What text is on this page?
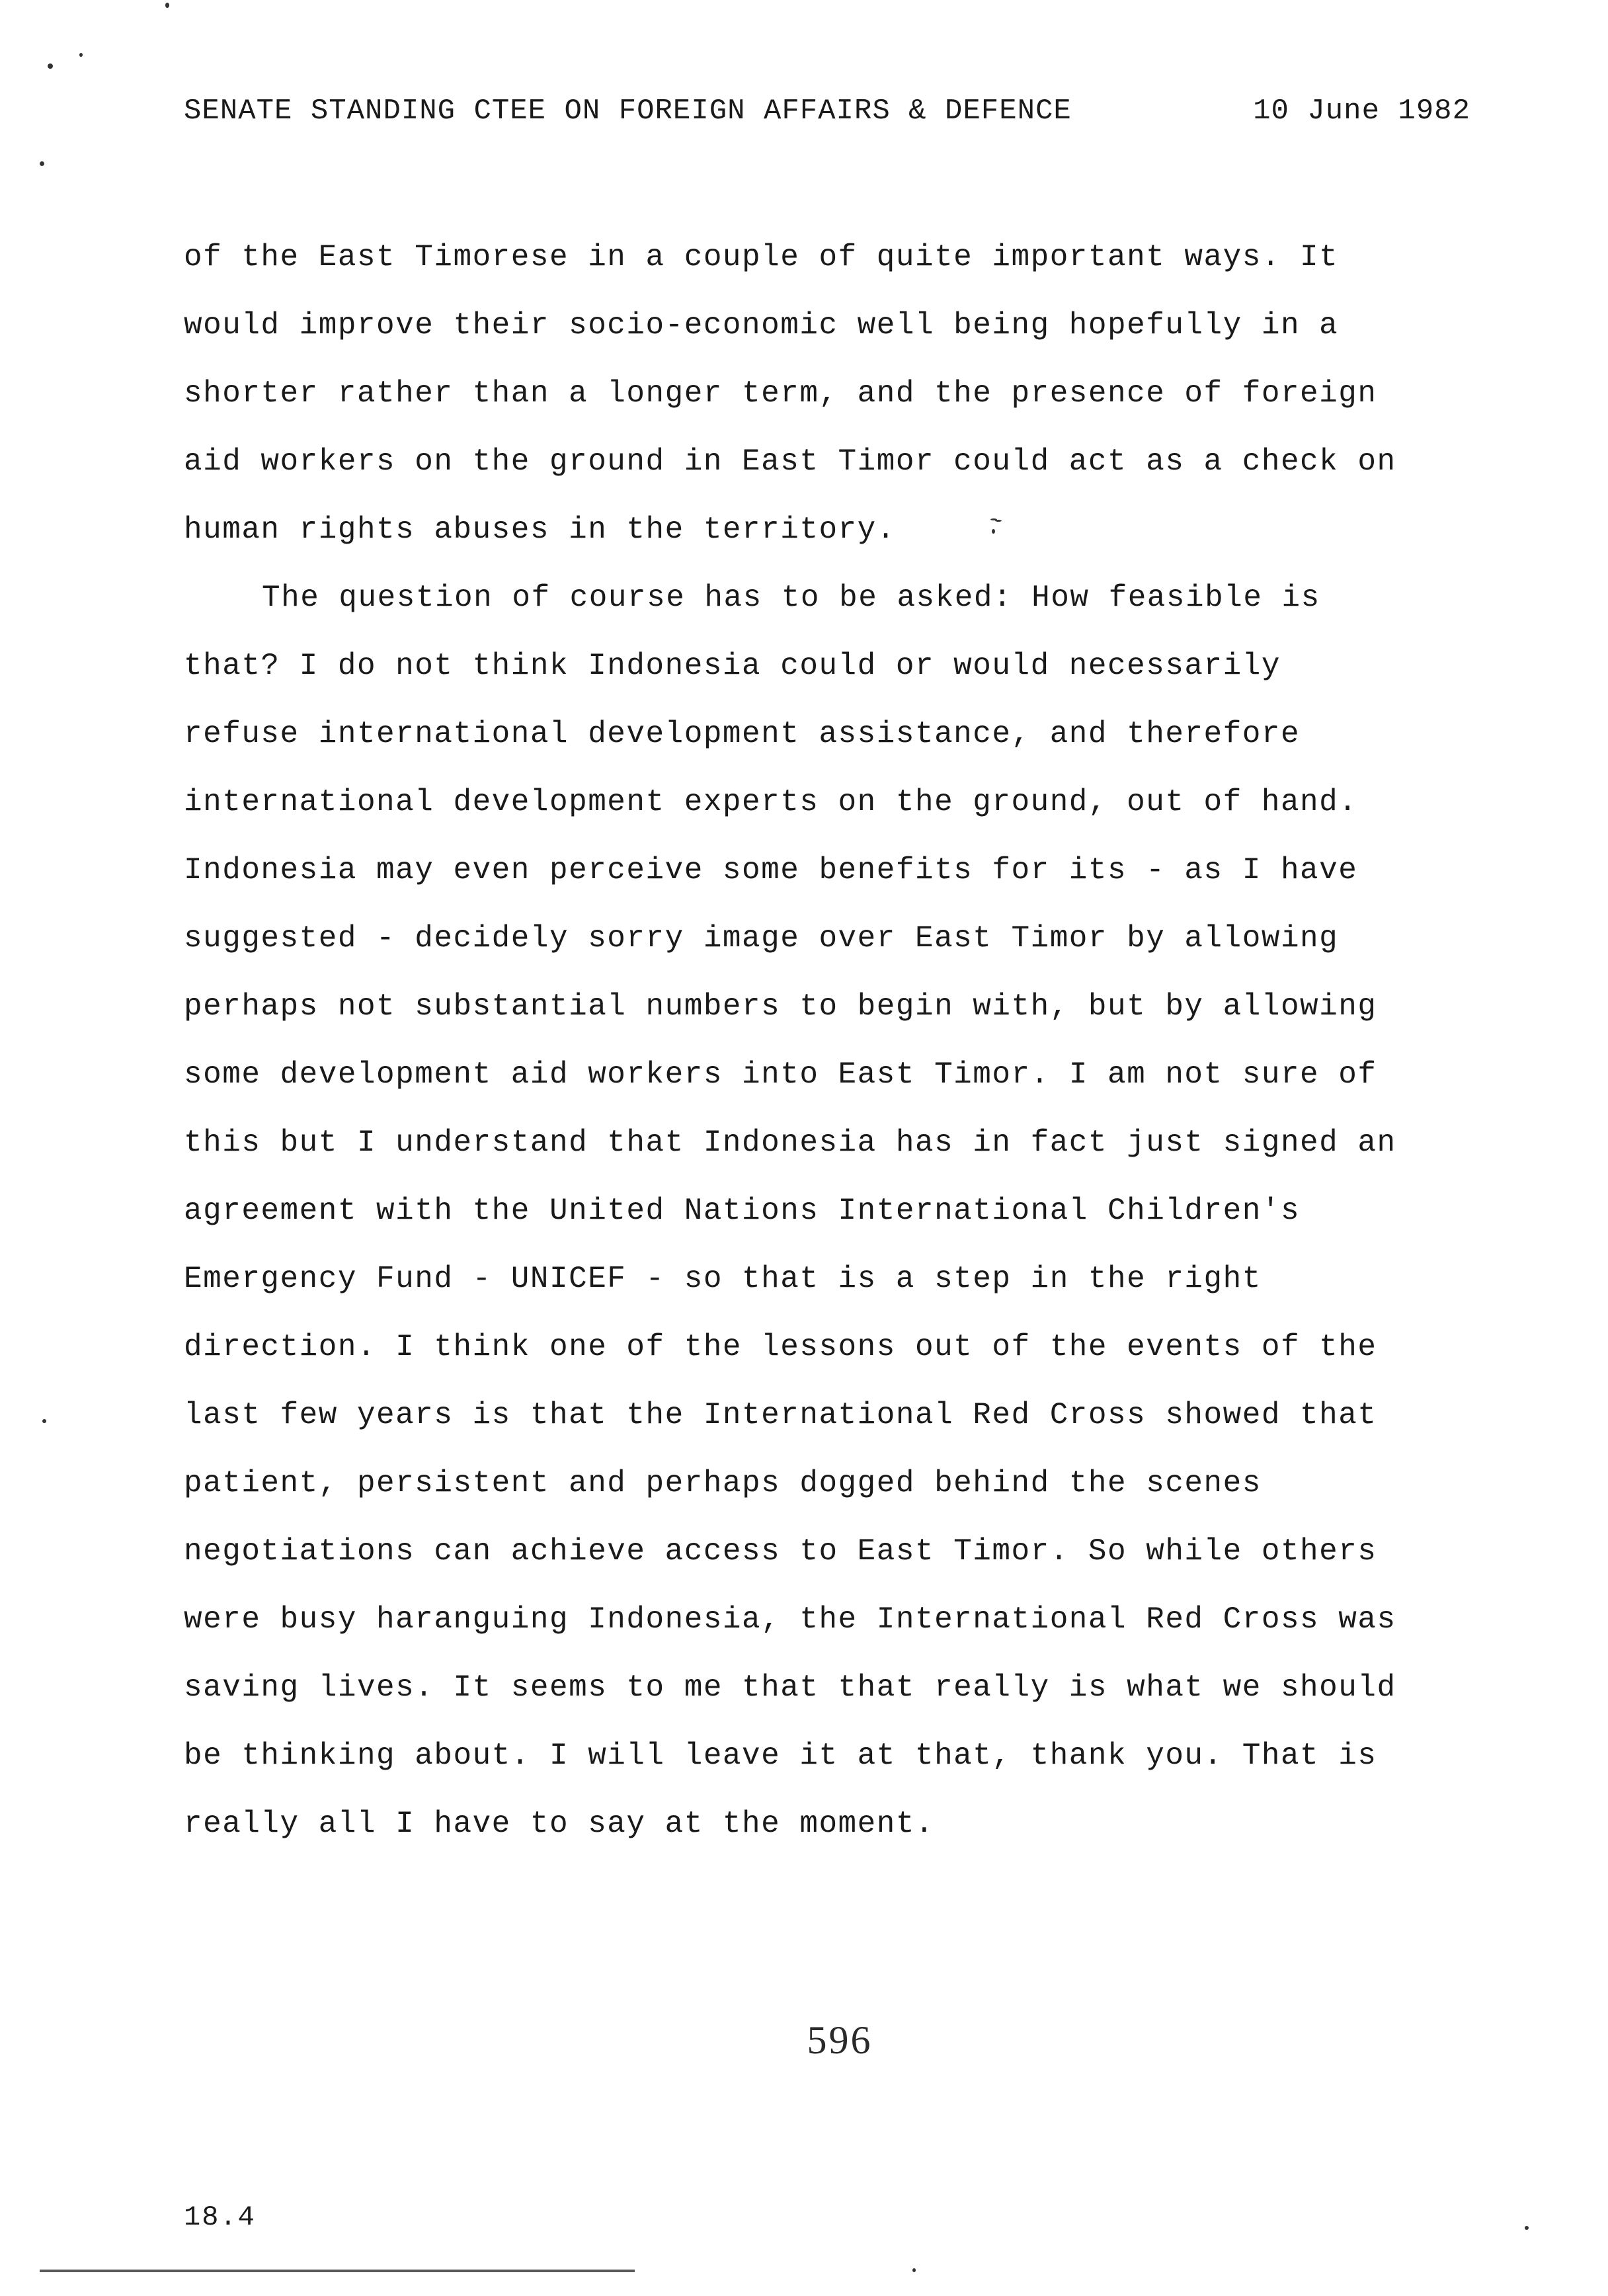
SENATE STANDING CTEE ON FOREIGN AFFAIRS & DEFENCE	10 June 1982
of the East Timorese in a couple of quite important ways. It
would improve their socio-economic well being hopefully in a
shorter rather than a longer term, and the presence of foreign
aid workers on the ground in East Timor could act as a check on
human rights abuses in the territory.
The question of course has to be asked: How feasible is
that? I do not think Indonesia could or would necessarily
refuse international development assistance, and therefore
international development experts on the ground, out of hand.
Indonesia may even perceive some benefits for its - as I have
suggested - decidely sorry image over East Timor by allowing
perhaps not substantial numbers to begin with, but by allowing
some development aid workers into East Timor. I am not sure of
this but I understand that Indonesia has in fact just signed an
agreement with the United Nations International Children's
Emergency Fund - UNICEF - so that is a step in the right
direction. I think one of the lessons out of the events of the
last few years is that the International Red Cross showed that
patient, persistent and perhaps dogged behind the scenes
negotiations can achieve access to East Timor. So while others
were busy haranguing Indonesia, the International Red Cross was
saving lives. It seems to me that that really is what we should
be thinking about. I will leave it at that, thank you. That is
really all I have to say at the moment.
596
18.4
